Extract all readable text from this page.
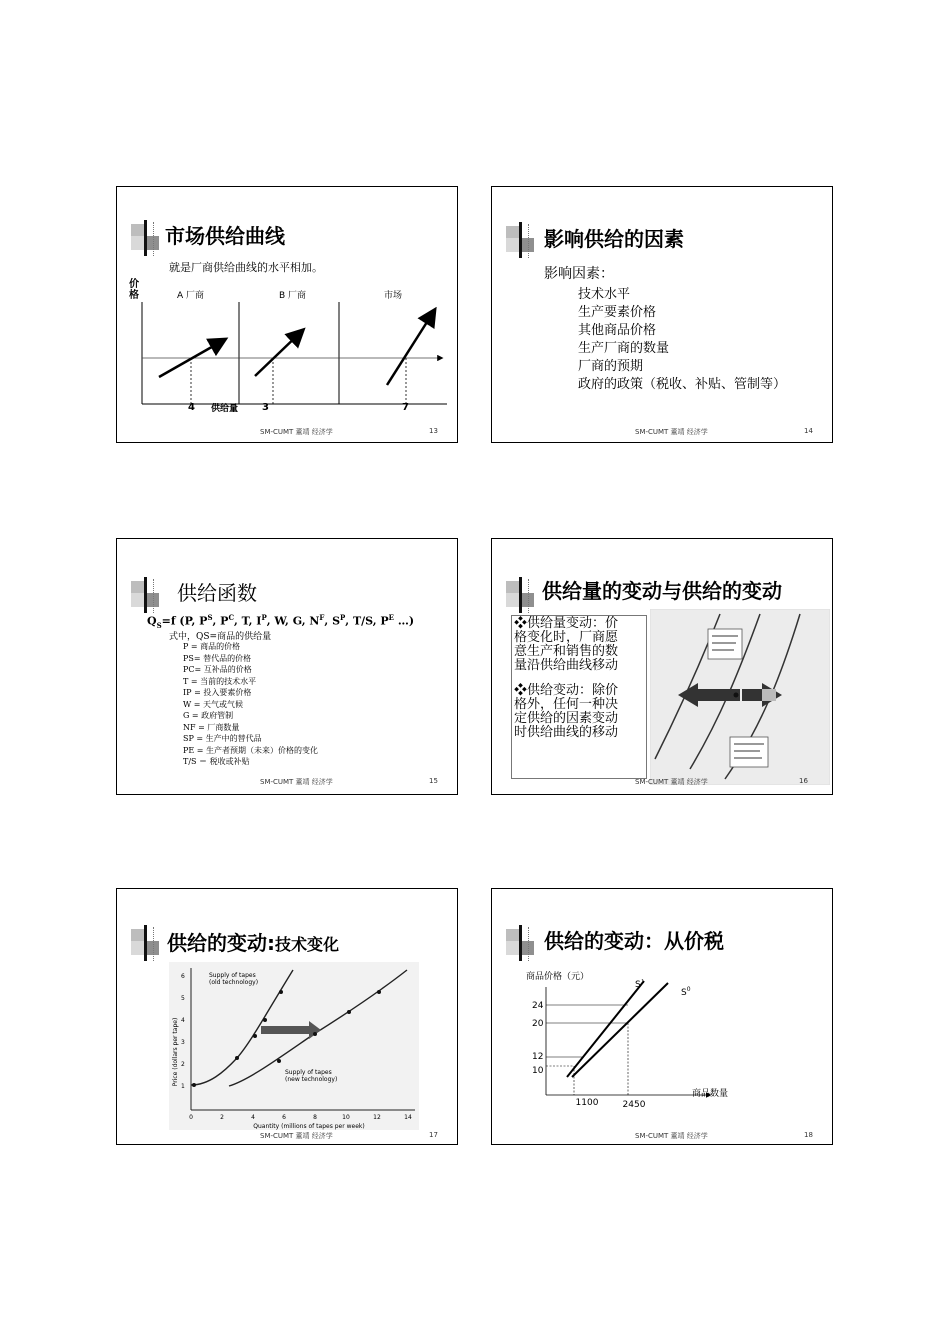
市场供给曲线
就是厂商供给曲线的水平相加。
价格	A 厂商	B 厂商	市场
4 供给量 3	7
SM-CUMT 董靖 经济学	13
影响供给的因素
影响因素：
技术水平
生产要素价格
其他商品价格
生产厂商的数量
厂商的预期
政府的政策（税收、补贴、管制等）
SM-CUMT 董靖 经济学	14
供给函数
$Q_S=f$ (P, $P^S$, $P^C$, T, $I^P$, W, G, $N^F$, $S^P$, T/S, $P^E$ …)
式中，QS=商品的供给量
P = 商品的价格
PS= 替代品的价格
PC= 互补品的价格
T = 当前的技术水平
IP = 投入要素价格
W = 天气或气候
G = 政府管制
NF = 厂商数量
SP = 生产中的替代品
PE = 生产者预期（未来）价格的变化
T/S ＝ 税收或补贴
SM-CUMT 董靖 经济学	15
供给量的变动与供给的变动
❖供给量变动：价
格变化时，厂商愿
意生产和销售的数
量沿供给曲线移动
❖供给变动：除价
格外，任何一种决
定供给的因素变动
时供给曲线的移动
SM-CUMT 董靖 经济学	16
供给的变动:技术变化
Price (dollars per tape)
1
2
3
4
5
6
0	2	4	6	8	10	12	14
Quantity (millions of tapes per week)
Supply of tapes
(old technology)
Supply of tapes
(new technology)
SM-CUMT 董靖 经济学	17
供给的变动：从价税
商品价格（元）
$S^1$
$S^0$
24
20
12
10
1100	2450
商品数量
SM-CUMT 董靖 经济学	18
